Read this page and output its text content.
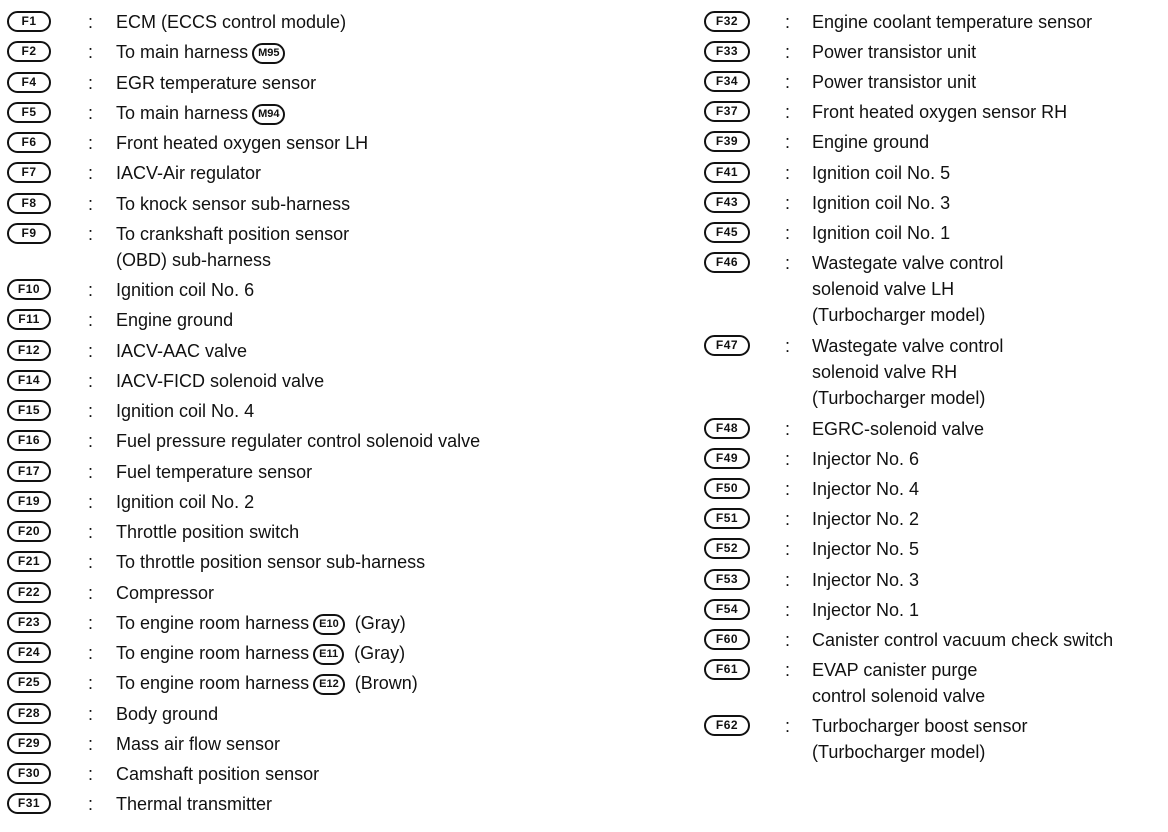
F1	: ECM (ECCS control module)
F2	: To main harness M95
F4	: EGR temperature sensor
F5	: To main harness M94
F6	: Front heated oxygen sensor LH
F7	: IACV-Air regulator
F8	: To knock sensor sub-harness
F9	: To crankshaft position sensor
(OBD) sub-harness
F10	: Ignition coil No. 6
F11	: Engine ground
F12	: IACV-AAC valve
F14	: IACV-FICD solenoid valve
F15	: Ignition coil No. 4
F16	: Fuel pressure regulater control solenoid valve
F17	: Fuel temperature sensor
F19	: Ignition coil No. 2
F20	: Throttle position switch
F21	: To throttle position sensor sub-harness
F22	: Compressor
F23	: To engine room harness E10 (Gray)
F24	: To engine room harness E11 (Gray)
F25	: To engine room harness E12 (Brown)
F28	: Body ground
F29	: Mass air flow sensor
F30	: Camshaft position sensor
F31	: Thermal transmitter
F32	: Engine coolant temperature sensor
F33	: Power transistor unit
F34	: Power transistor unit
F37	: Front heated oxygen sensor RH
F39	: Engine ground
F41	: Ignition coil No. 5
F43	: Ignition coil No. 3
F45	: Ignition coil No. 1
F46	: Wastegate valve control
solenoid valve LH
(Turbocharger model)
F47	: Wastegate valve control
solenoid valve RH
(Turbocharger model)
F48	: EGRC-solenoid valve
F49	: Injector No. 6
F50	: Injector No. 4
F51	: Injector No. 2
F52	: Injector No. 5
F53	: Injector No. 3
F54	: Injector No. 1
F60	: Canister control vacuum check switch
F61	: EVAP canister purge
control solenoid valve
F62	: Turbocharger boost sensor
(Turbocharger model)
